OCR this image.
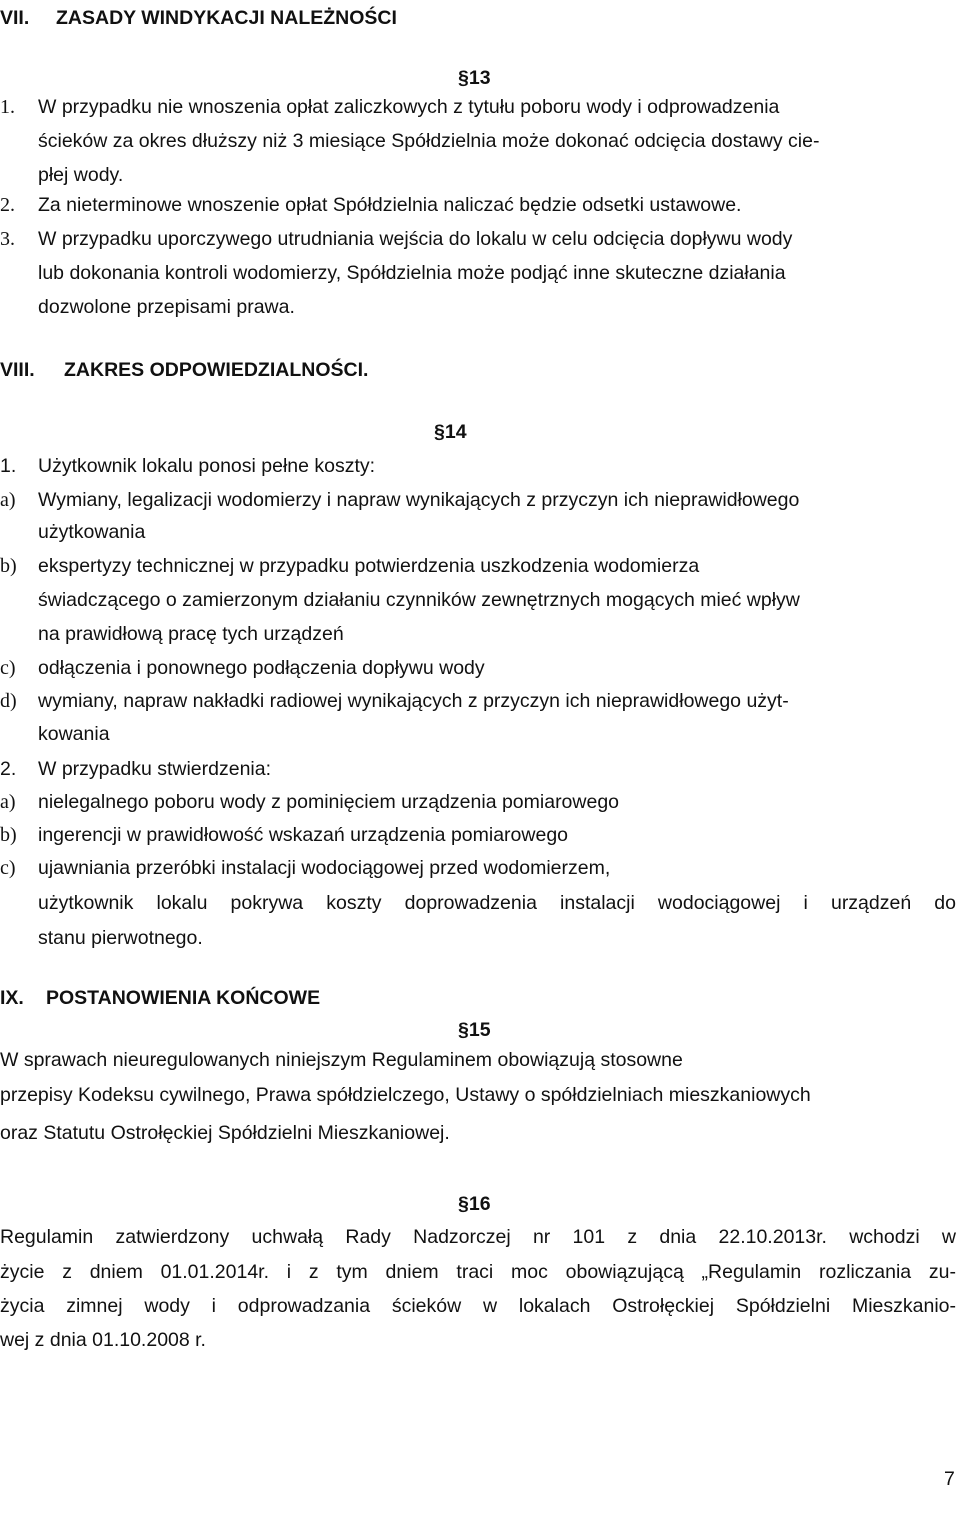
VII. ZASADY WINDYKACJI NALEŻNOŚCI
§13
1. W przypadku nie wnoszenia opłat zaliczkowych z tytułu poboru wody i odprowadzenia
ścieków za okres dłuższy niż 3 miesiące Spółdzielnia może dokonać odcięcia dostawy cie-
płej wody.
2. Za nieterminowe wnoszenie opłat Spółdzielnia naliczać będzie odsetki ustawowe.
3. W przypadku uporczywego utrudniania wejścia do lokalu w celu odcięcia dopływu wody
lub dokonania kontroli wodomierzy, Spółdzielnia może podjąć inne skuteczne działania
dozwolone przepisami prawa.
VIII. ZAKRES ODPOWIEDZIALNOŚCI.
§14
1. Użytkownik lokalu ponosi pełne koszty:
a) Wymiany, legalizacji wodomierzy i napraw wynikających z przyczyn ich nieprawidłowego
użytkowania
b) ekspertyzy technicznej w przypadku potwierdzenia uszkodzenia wodomierza
świadczącego o zamierzonym działaniu czynników zewnętrznych mogących mieć wpływ
na prawidłową pracę tych urządzeń
c) odłączenia i ponownego podłączenia dopływu wody
d) wymiany, napraw nakładki radiowej wynikających z przyczyn ich nieprawidłowego użyt-
kowania
2. W przypadku stwierdzenia:
a) nielegalnego poboru wody z pominięciem urządzenia pomiarowego
b) ingerencji w prawidłowość wskazań urządzenia pomiarowego
c) ujawniania przeróbki instalacji wodociągowej przed wodomierzem,
użytkownik lokalu pokrywa koszty doprowadzenia instalacji wodociągowej i urządzeń do
stanu pierwotnego.
IX. POSTANOWIENIA KOŃCOWE
§15
W sprawach nieuregulowanych niniejszym Regulaminem obowiązują stosowne
przepisy Kodeksu cywilnego, Prawa spółdzielczego, Ustawy o spółdzielniach mieszkaniowych
oraz Statutu Ostrołęckiej Spółdzielni Mieszkaniowej.
§16
Regulamin zatwierdzony uchwałą Rady Nadzorczej nr 101 z dnia 22.10.2013r. wchodzi w
życie z dniem 01.01.2014r. i z tym dniem traci moc obowiązującą „Regulamin rozliczania zu-
życia zimnej wody i odprowadzania ścieków w lokalach Ostrołęckiej Spółdzielni Mieszkanio-
wej z dnia 01.10.2008 r.
7
